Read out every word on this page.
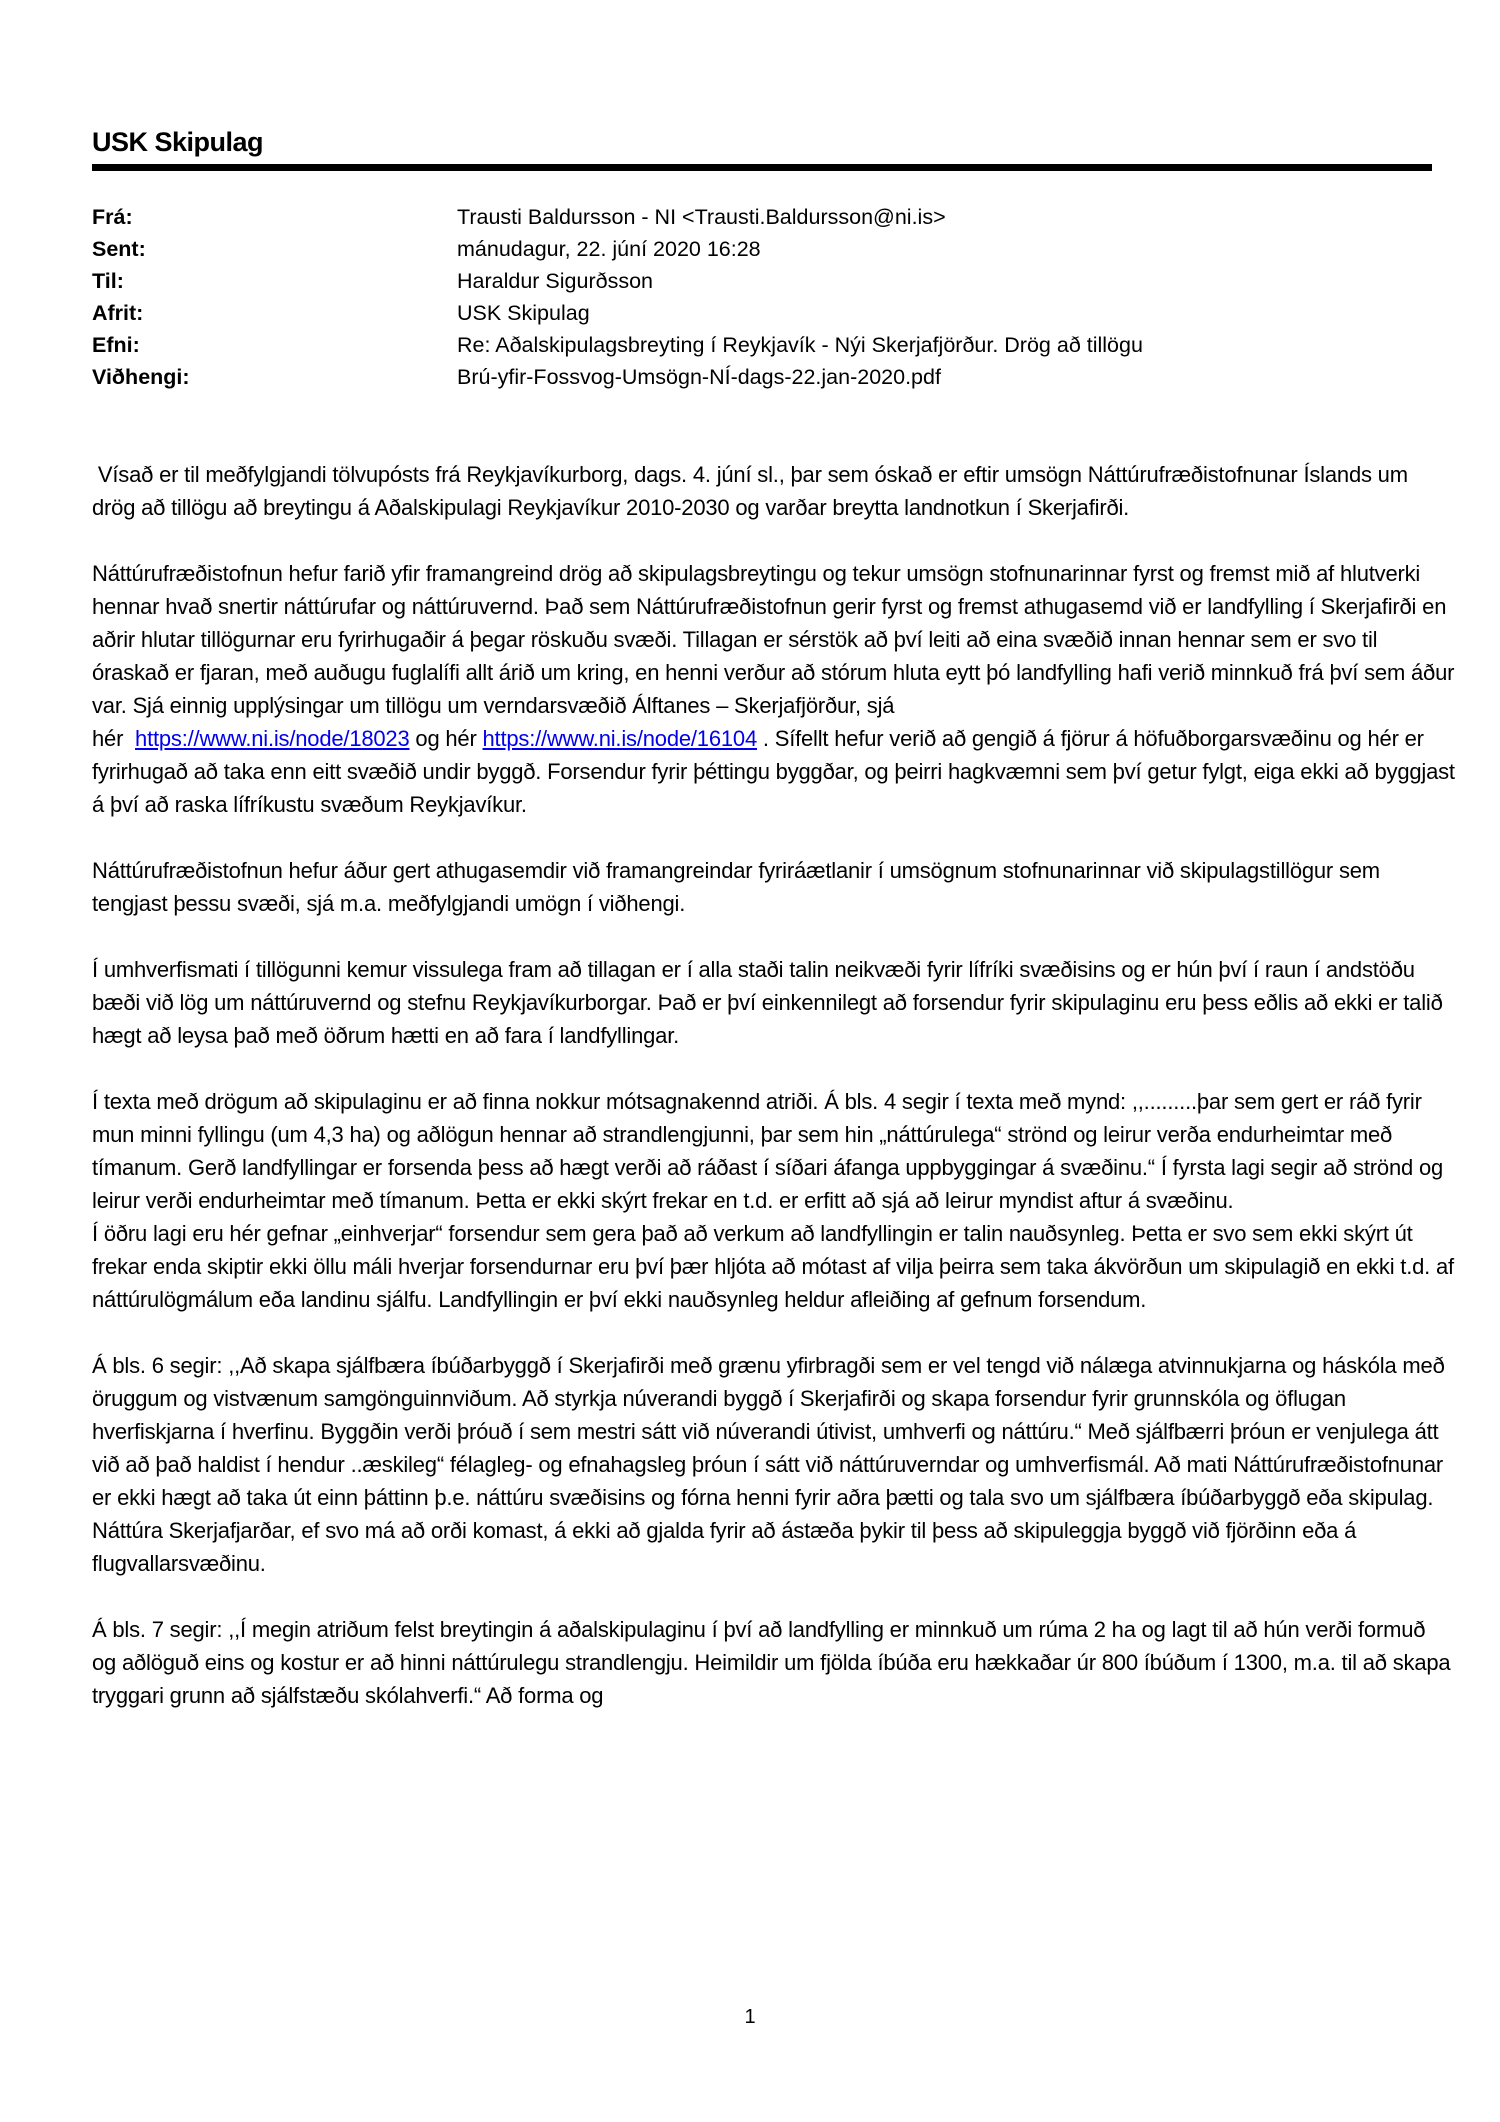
USK Skipulag
Frá:	Trausti Baldursson - NI <Trausti.Baldursson@ni.is>
Sent:	mánudagur, 22. júní 2020 16:28
Til:	Haraldur Sigurðsson
Afrit:	USK Skipulag
Efni:	Re: Aðalskipulagsbreyting í Reykjavík - Nýi Skerjafjörður. Drög að tillögu
Viðhengi:	Brú-yfir-Fossvog-Umsögn-NÍ-dags-22.jan-2020.pdf

Vísað er til meðfylgjandi tölvupósts frá Reykjavíkurborg, dags. 4. júní sl., þar sem óskað er eftir umsögn Náttúrufræðistofnunar Íslands um drög að tillögu að breytingu á Aðalskipulagi Reykjavíkur 2010-2030 og varðar breytta landnotkun í Skerjafirði.

Náttúrufræðistofnun hefur farið yfir framangreind drög að skipulagsbreytingu og tekur umsögn stofnunarinnar fyrst og fremst mið af hlutverki hennar hvað snertir náttúrufar og náttúruvernd. Það sem Náttúrufræðistofnun gerir fyrst og fremst athugasemd við er landfylling í Skerjafirði en aðrir hlutar tillögurnar eru fyrirhugaðir á þegar röskuðu svæði. Tillagan er sérstök að því leiti að eina svæðið innan hennar sem er svo til óraskað er fjaran, með auðugu fuglalífi allt árið um kring, en henni verður að stórum hluta eytt þó landfylling hafi verið minnkuð frá því sem áður var. Sjá einnig upplýsingar um tillögu um verndarsvæðið Álftanes – Skerjafjörður, sjá
hér  https://www.ni.is/node/18023 og hér https://www.ni.is/node/16104 . Sífellt hefur verið að gengið á fjörur á höfuðborgarsvæðinu og hér er fyrirhugað að taka enn eitt svæðið undir byggð. Forsendur fyrir þéttingu byggðar, og þeirri hagkvæmni sem því getur fylgt, eiga ekki að byggjast á því að raska lífríkustu svæðum Reykjavíkur.

Náttúrufræðistofnun hefur áður gert athugasemdir við framangreindar fyriráætlanir í umsögnum stofnunarinnar við skipulagstillögur sem tengjast þessu svæði, sjá m.a. meðfylgjandi umögn í viðhengi.

Í umhverfismati í tillögunni kemur vissulega fram að tillagan er í alla staði talin neikvæði fyrir lífríki svæðisins og er hún því í raun í andstöðu bæði við lög um náttúruvernd og stefnu Reykjavíkurborgar. Það er því einkennilegt að forsendur fyrir skipulaginu eru þess eðlis að ekki er talið hægt að leysa það með öðrum hætti en að fara í landfyllingar.

Í texta með drögum að skipulaginu er að finna nokkur mótsagnakennd atriði. Á bls. 4 segir í texta með mynd: ,,.........þar sem gert er ráð fyrir mun minni fyllingu (um 4,3 ha) og aðlögun hennar að strandlengjunni, þar sem hin „náttúrulega“ strönd og leirur verða endurheimtar með tímanum. Gerð landfyllingar er forsenda þess að hægt verði að ráðast í síðari áfanga uppbyggingar á svæðinu.“ Í fyrsta lagi segir að strönd og leirur verði endurheimtar með tímanum. Þetta er ekki skýrt frekar en t.d. er erfitt að sjá að leirur myndist aftur á svæðinu.
Í öðru lagi eru hér gefnar „einhverjar“ forsendur sem gera það að verkum að landfyllingin er talin nauðsynleg. Þetta er svo sem ekki skýrt út frekar enda skiptir ekki öllu máli hverjar forsendurnar eru því þær hljóta að mótast af vilja þeirra sem taka ákvörðun um skipulagið en ekki t.d. af náttúrulögmálum eða landinu sjálfu. Landfyllingin er því ekki nauðsynleg heldur afleiðing af gefnum forsendum.

Á bls. 6 segir: ,,Að skapa sjálfbæra íbúðarbyggð í Skerjafirði með grænu yfirbragði sem er vel tengd við nálæga atvinnukjarna og háskóla með öruggum og vistvænum samgönguinnviðum. Að styrkja núverandi byggð í Skerjafirði og skapa forsendur fyrir grunnskóla og öflugan hverfiskjarna í hverfinu. Byggðin verði þróuð í sem mestri sátt við núverandi útivist, umhverfi og náttúru.“ Með sjálfbærri þróun er venjulega átt við að það haldist í hendur ..æskileg“ félagleg- og efnahagsleg þróun í sátt við náttúruverndar og umhverfismál. Að mati Náttúrufræðistofnunar er ekki hægt að taka út einn þáttinn þ.e. náttúru svæðisins og fórna henni fyrir aðra þætti og tala svo um sjálfbæra íbúðarbyggð eða skipulag. Náttúra Skerjafjarðar, ef svo má að orði komast, á ekki að gjalda fyrir að ástæða þykir til þess að skipuleggja byggð við fjörðinn eða á flugvallarsvæðinu.

Á bls. 7 segir: ,,Í megin atriðum felst breytingin á aðalskipulaginu í því að landfylling er minnkuð um rúma 2 ha og lagt til að hún verði formuð og aðlöguð eins og kostur er að hinni náttúrulegu strandlengju. Heimildir um fjölda íbúða eru hækkaðar úr 800 íbúðum í 1300, m.a. til að skapa tryggari grunn að sjálfstæðu skólahverfi.“ Að forma og

1
